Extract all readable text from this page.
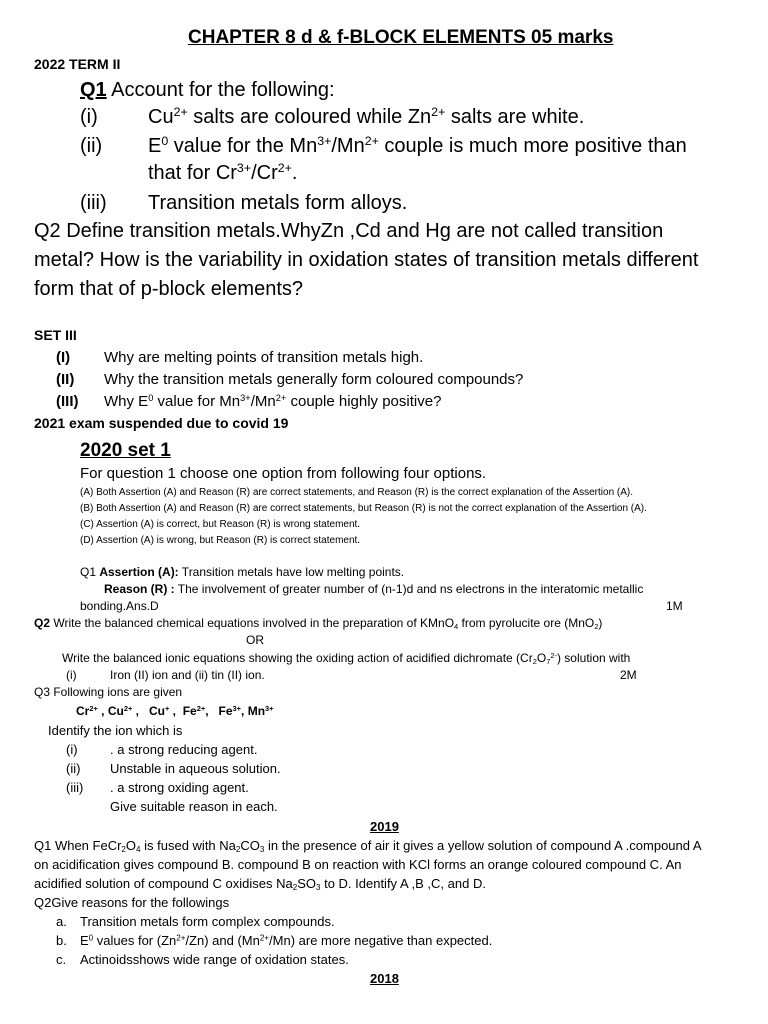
CHAPTER 8 d & f-BLOCK ELEMENTS 05 marks
2022 TERM II
Q1 Account for the following:
(i)	$Cu^{2+}$ salts are coloured while $Zn^{2+}$ salts are white.
(ii) $E^0$ value for the $Mn^{3+}/Mn^{2+}$ couple is much more positive than
that for $Cr^{3+}/Cr^{2+}$.
(iii) Transition metals form alloys.
Q2 Define transition metals.WhyZn ,Cd and Hg are not called transition
metal? How is the variability in oxidation states of transition metals different
form that of p-block elements?
SET III
(I) Why are melting points of transition metals high.
(II) Why the transition metals generally form coloured compounds?
(III) Why $E^0$ value for $Mn^{3+}/Mn^{2+}$ couple highly positive?
2021 exam suspended due to covid 19
2020 set 1
For question 1 choose one option from following four options.
(A) Both Assertion (A) and Reason (R) are correct statements, and Reason (R) is the correct explanation of the Assertion (A).
(B) Both Assertion (A) and Reason (R) are correct statements, but Reason (R) is not the correct explanation of the Assertion (A).
(C) Assertion (A) is correct, but Reason (R) is wrong statement.
(D) Assertion (A) is wrong, but Reason (R) is correct statement.
Q1 Assertion (A): Transition metals have low melting points.
Reason (R) : The involvement of greater number of (n-1)d and ns electrons in the interatomic metallic
bonding.Ans.D	1M
Q2 Write the balanced chemical equations involved in the preparation of KMnO$_4$ from pyrolucite ore (MnO$_2$)
OR
Write the balanced ionic equations showing the oxiding action of acidified dichromate $(Cr_2O_7^{2-})$ solution with
(i)	Iron (II) ion and (ii) tin (II) ion.	2M
Q3 Following ions are given
$Cr^{2+}$ , $Cu^{2+}$ ,   Cu+ ,  $Fe^{2+}$,   $Fe^{3+}$, $Mn^{3+}$
Identify the ion which is
(i) . a strong reducing agent.
(ii) Unstable in aqueous solution.
(iii) . a strong oxiding agent.
Give suitable reason in each.
2019
Q1 When $FeCr_2O_4$ is fused with $Na_2CO_3$ in the presence of air it gives a yellow solution of compound A .compound A
on acidification gives compound B. compound B on reaction with KCl forms an orange coloured compound C. An
acidified solution of compound C oxidises $Na_2SO_3$ to D. Identify A ,B ,C, and D.
Q2Give reasons for the followings
a. Transition metals form complex compounds.
b. $E^0$ values for $(Zn^{2+}/Zn)$ and $(Mn^{2+}/Mn)$ are more negative than expected.
c. Actinoidsshows wide range of oxidation states.
2018
